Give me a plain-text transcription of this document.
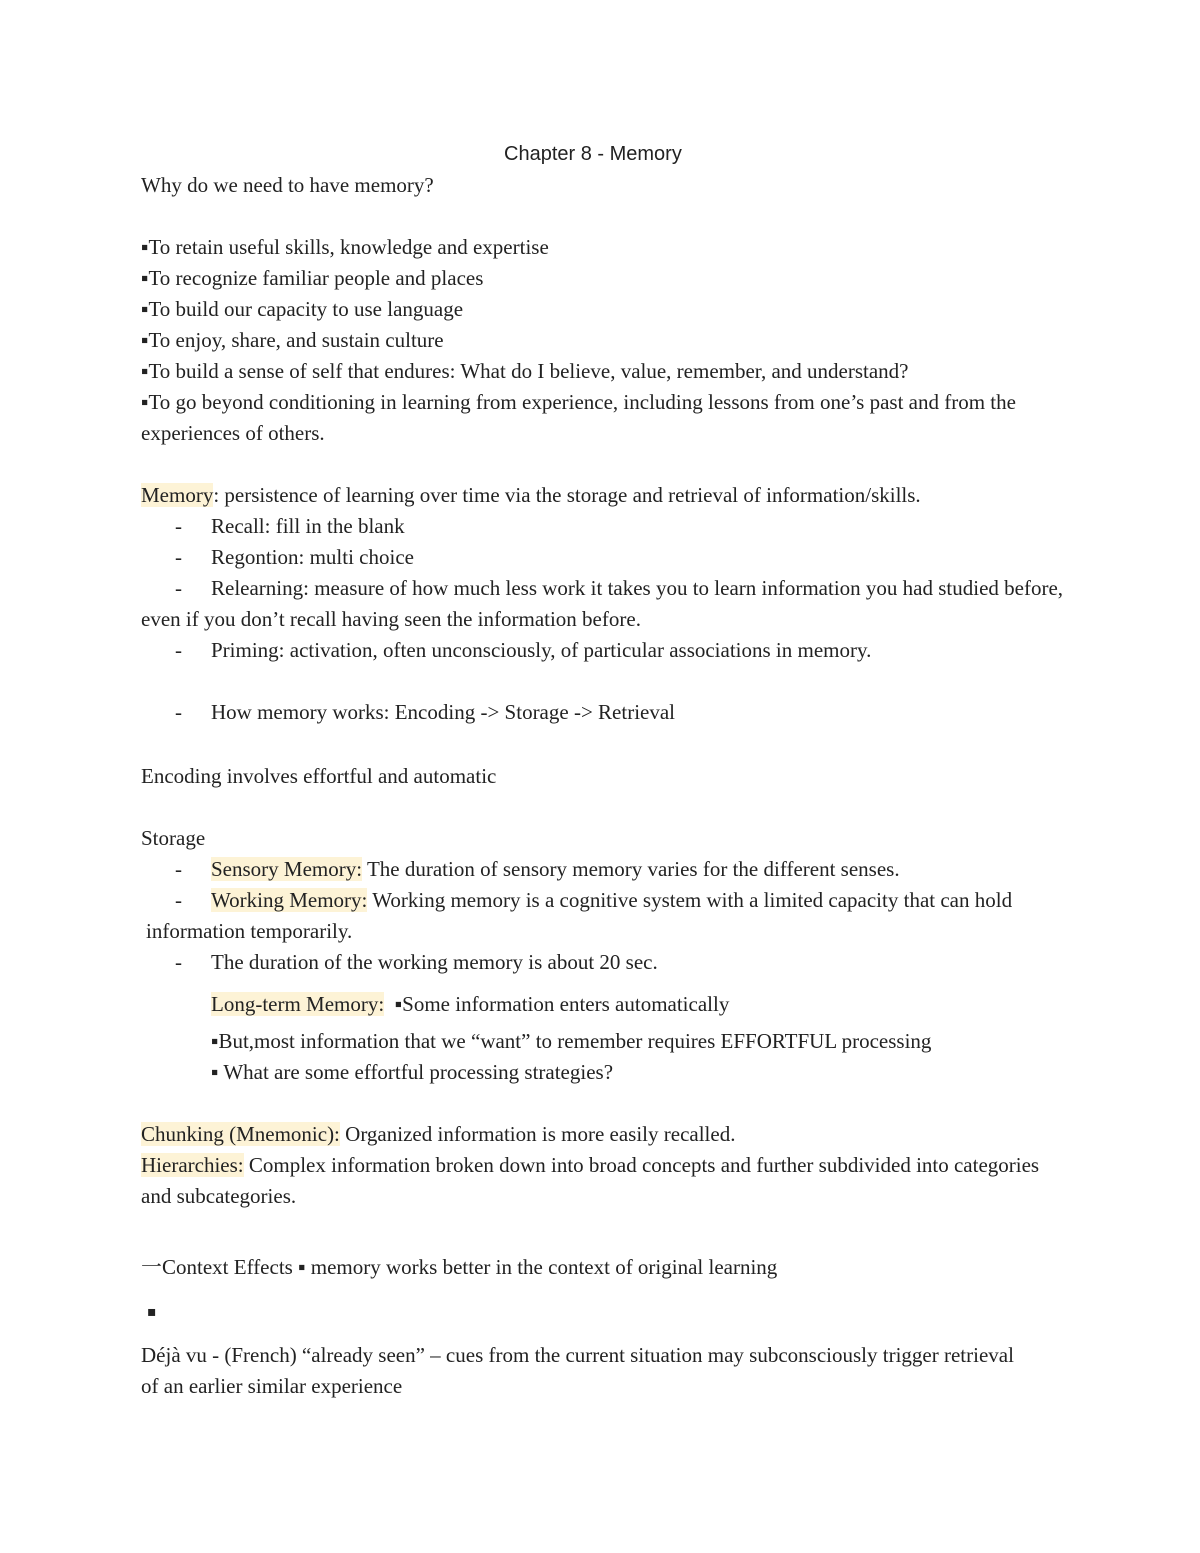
Chapter 8 - Memory
Why do we need to have memory?
▪To retain useful skills, knowledge and expertise
▪To recognize familiar people and places
▪To build our capacity to use language
▪To enjoy, share, and sustain culture
▪To build a sense of self that endures: What do I believe, value, remember, and understand?
▪To go beyond conditioning in learning from experience, including lessons from one’s past and from the
experiences of others.
Memory: persistence of learning over time via the storage and retrieval of information/skills.
- Recall: fill in the blank
- Regontion: multi choice
- Relearning: measure of how much less work it takes you to learn information you had studied before,
even if you don’t recall having seen the information before.
- Priming: activation, often unconsciously, of particular associations in memory.
- How memory works: Encoding -> Storage -> Retrieval
Encoding involves effortful and automatic
Storage
- Sensory Memory: The duration of sensory memory varies for the different senses.
- Working Memory: Working memory is a cognitive system with a limited capacity that can hold
information temporarily.
- The duration of the working memory is about 20 sec.
Long-term Memory: ▪Some information enters automatically
▪But,most information that we “want” to remember requires EFFORTFUL processing
▪ What are some effortful processing strategies?
Chunking (Mnemonic): Organized information is more easily recalled.
Hierarchies: Complex information broken down into broad concepts and further subdivided into categories
and subcategories.
一Context Effects ▪ memory works better in the context of original learning
▪
Déjà vu - (French) “already seen” – cues from the current situation may subconsciously trigger retrieval
of an earlier similar experience
